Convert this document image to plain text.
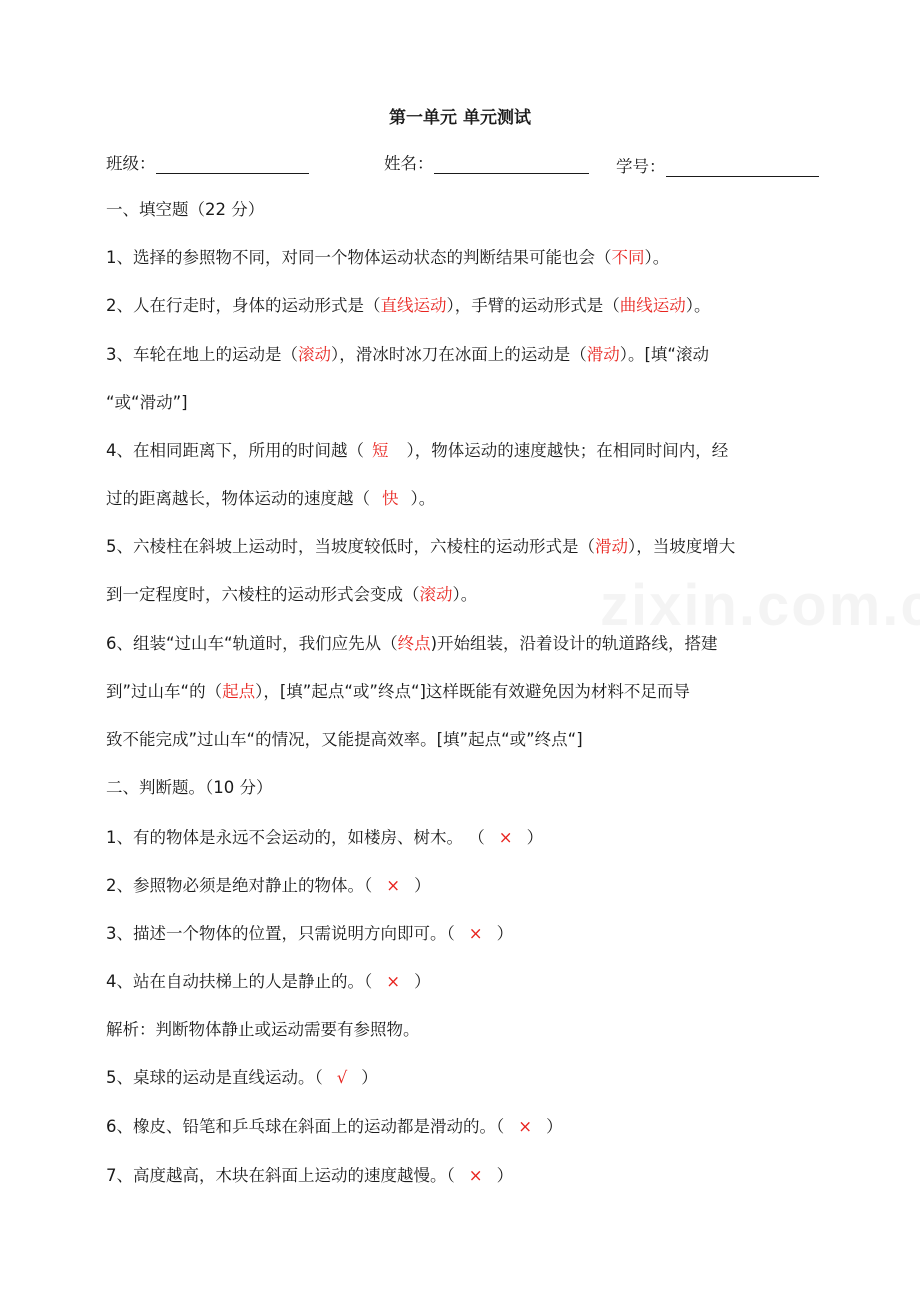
第一单元 单元测试
班级：	姓名：	学号：
一、填空题（22 分）
1、选择的参照物不同，对同一个物体运动状态的判断结果可能也会（不同）。
2、人在行走时，身体的运动形式是（直线运动），手臂的运动形式是（曲线运动）。
3、车轮在地上的运动是（滚动），滑冰时冰刀在冰面上的运动是（滑动）。[填“滚动
“或“滑动”]
4、在相同距离下，所用的时间越（ 短 ），物体运动的速度越快；在相同时间内，经
过的距离越长，物体运动的速度越（ 快 ）。
5、六棱柱在斜坡上运动时，当坡度较低时，六棱柱的运动形式是（滑动），当坡度增大
到一定程度时，六棱柱的运动形式会变成（滚动）。
6、组装“过山车“轨道时，我们应先从（终点)开始组装，沿着设计的轨道路线，搭建
到”过山车“的（起点），[填”起点“或”终点“]这样既能有效避免因为材料不足而导
致不能完成”过山车“的情况，又能提高效率。[填”起点“或”终点“]
二、判断题。（10 分）
1、有的物体是永远不会运动的，如楼房、树木。 （ × ）
2、参照物必须是绝对静止的物体。（ × ）
3、描述一个物体的位置，只需说明方向即可。（ × ）
4、站在自动扶梯上的人是静止的。（ × ）
解析：判断物体静止或运动需要有参照物。
5、桌球的运动是直线运动。（ √ ）
6、橡皮、铅笔和乒乓球在斜面上的运动都是滑动的。（ × ）
7、高度越高，木块在斜面上运动的速度越慢。（ × ）
